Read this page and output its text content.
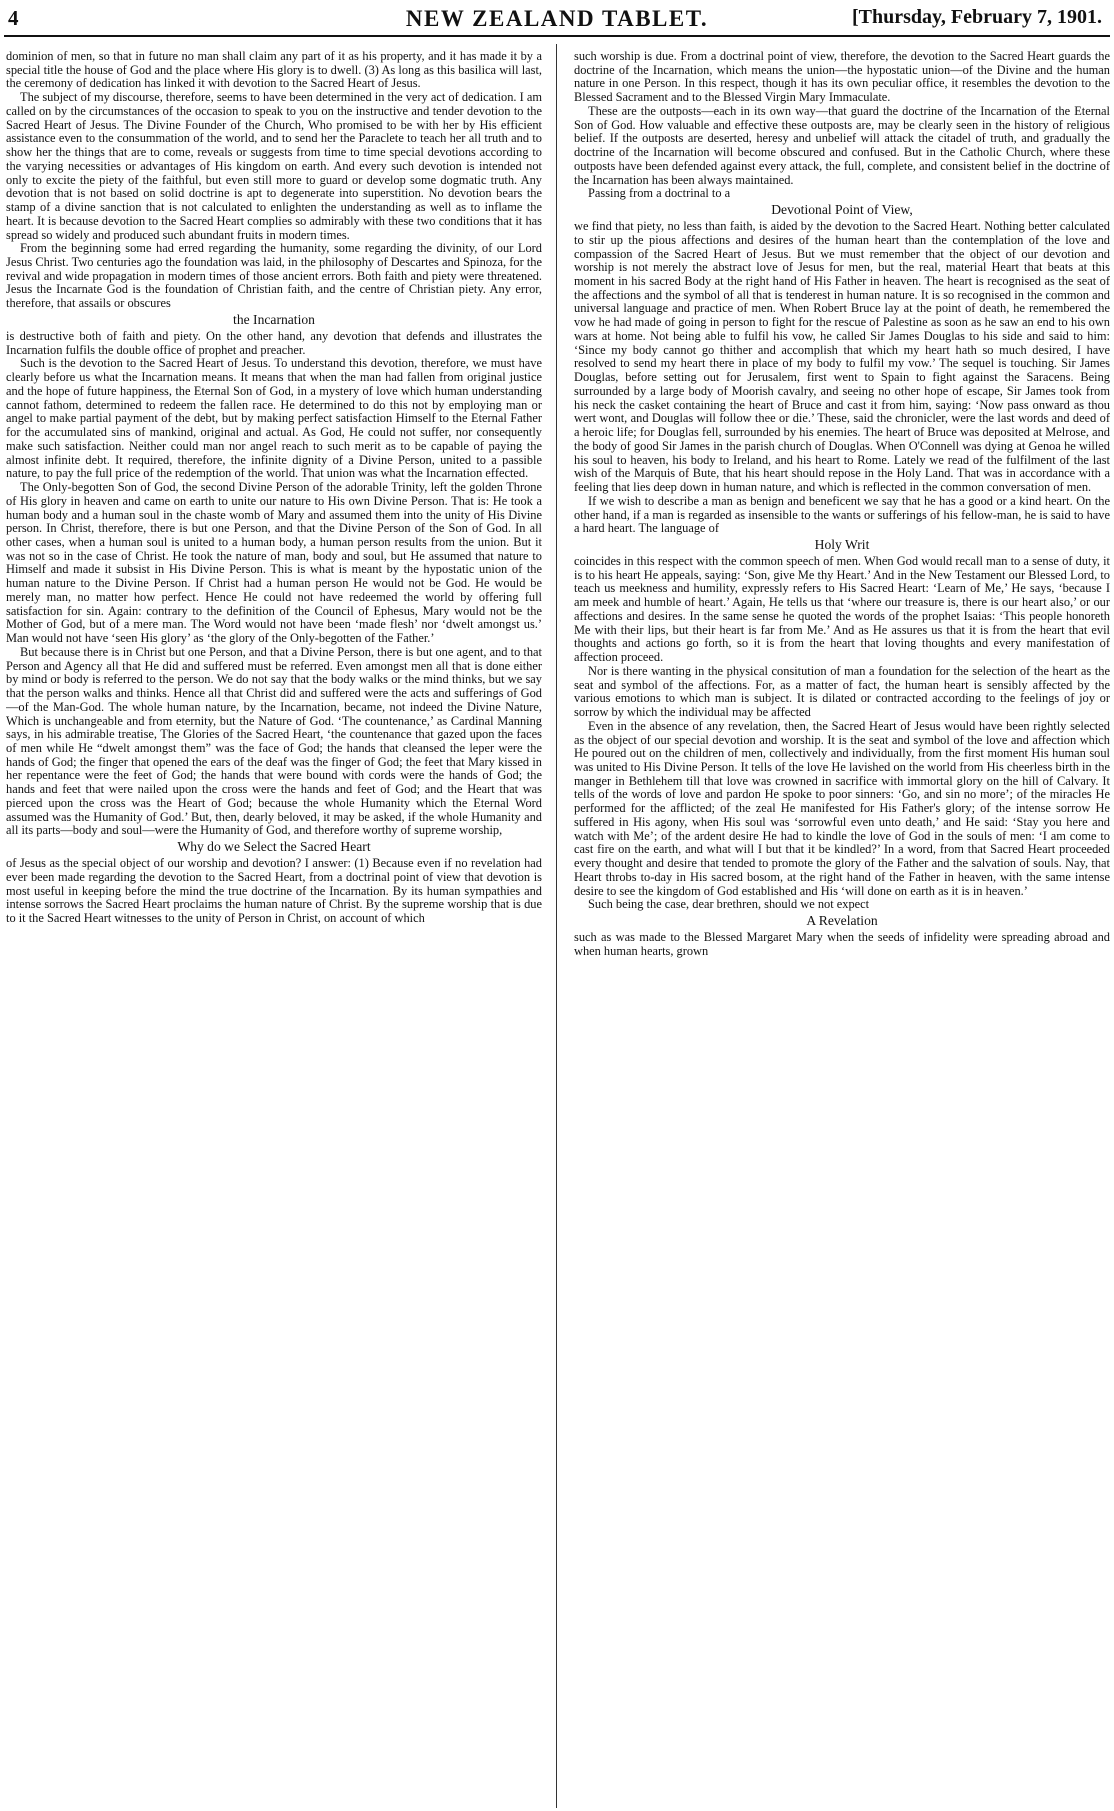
4	NEW ZEALAND TABLET.	[Thursday, February 7, 1901.

dominion of men, so that in future no man shall claim any part of it as his property, and it has made it by a special title the house of God and the place where His glory is to dwell. (3) As long as this basilica will last, the ceremony of dedication has linked it with devotion to the Sacred Heart of Jesus.

The subject of my discourse, therefore, seems to have been determined in the very act of dedication. I am called on by the circumstances of the occasion to speak to you on the instructive and tender devotion to the Sacred Heart of Jesus. The Divine Founder of the Church, Who promised to be with her by His efficient assistance even to the consummation of the world, and to send her the Paraclete to teach her all truth and to show her the things that are to come, reveals or suggests from time to time special devotions according to the varying necessities or advantages of His kingdom on earth. And every such devotion is intended not only to excite the piety of the faithful, but even still more to guard or develop some dogmatic truth. Any devotion that is not based on solid doctrine is apt to degenerate into superstition. No devotion bears the stamp of a divine sanction that is not calculated to enlighten the understanding as well as to inflame the heart. It is because devotion to the Sacred Heart complies so admirably with these two conditions that it has spread so widely and produced such abundant fruits in modern times.

From the beginning some had erred regarding the humanity, some regarding the divinity, of our Lord Jesus Christ. Two centuries ago the foundation was laid, in the philosophy of Descartes and Spinoza, for the revival and wide propagation in modern times of those ancient errors. Both faith and piety were threatened. Jesus the Incarnate God is the foundation of Christian faith, and the centre of Christian piety. Any error, therefore, that assails or obscures

the Incarnation

is destructive both of faith and piety. On the other hand, any devotion that defends and illustrates the Incarnation fulfils the double office of prophet and preacher.

Such is the devotion to the Sacred Heart of Jesus. To understand this devotion, therefore, we must have clearly before us what the Incarnation means. It means that when the man had fallen from original justice and the hope of future happiness, the Eternal Son of God, in a mystery of love which human understanding cannot fathom, determined to redeem the fallen race. He determined to do this not by employing man or angel to make partial payment of the debt, but by making perfect satisfaction Himself to the Eternal Father for the accumulated sins of mankind, original and actual. As God, He could not suffer, nor consequently make such satisfaction. Neither could man nor angel reach to such merit as to be capable of paying the almost infinite debt. It required, therefore, the infinite dignity of a Divine Person, united to a passible nature, to pay the full price of the redemption of the world. That union was what the Incarnation effected.

The Only-begotten Son of God, the second Divine Person of the adorable Trinity, left the golden Throne of His glory in heaven and came on earth to unite our nature to His own Divine Person. That is: He took a human body and a human soul in the chaste womb of Mary and assumed them into the unity of His Divine person. In Christ, therefore, there is but one Person, and that the Divine Person of the Son of God. In all other cases, when a human soul is united to a human body, a human person results from the union. But it was not so in the case of Christ. He took the nature of man, body and soul, but He assumed that nature to Himself and made it subsist in His Divine Person. This is what is meant by the hypostatic union of the human nature to the Divine Person. If Christ had a human person He would not be God. He would be merely man, no matter how perfect. Hence He could not have redeemed the world by offering full satisfaction for sin. Again: contrary to the definition of the Council of Ephesus, Mary would not be the Mother of God, but of a mere man. The Word would not have been ‘made flesh’ nor ‘dwelt amongst us.’ Man would not have ‘seen His glory’ as ‘the glory of the Only-begotten of the Father.’

But because there is in Christ but one Person, and that a Divine Person, there is but one agent, and to that Person and Agency all that He did and suffered must be referred. Even amongst men all that is done either by mind or body is referred to the person. We do not say that the body walks or the mind thinks, but we say that the person walks and thinks. Hence all that Christ did and suffered were the acts and sufferings of God—of the Man-God. The whole human nature, by the Incarnation, became, not indeed the Divine Nature, Which is unchangeable and from eternity, but the Nature of God. ‘The countenance,’ as Cardinal Manning says, in his admirable treatise, The Glories of the Sacred Heart, ‘the countenance that gazed upon the faces of men while He “dwelt amongst them” was the face of God; the hands that cleansed the leper were the hands of God; the finger that opened the ears of the deaf was the finger of God; the feet that Mary kissed in her repentance were the feet of God; the hands that were bound with cords were the hands of God; the hands and feet that were nailed upon the cross were the hands and feet of God; and the Heart that was pierced upon the cross was the Heart of God; because the whole Humanity which the Eternal Word assumed was the Humanity of God.’ But, then, dearly beloved, it may be asked, if the whole Humanity and all its parts—body and soul—were the Humanity of God, and therefore worthy of supreme worship,

Why do we Select the Sacred Heart

of Jesus as the special object of our worship and devotion? I answer: (1) Because even if no revelation had ever been made regarding the devotion to the Sacred Heart, from a doctrinal point of view that devotion is most useful in keeping before the mind the true doctrine of the Incarnation. By its human sympathies and intense sorrows the Sacred Heart proclaims the human nature of Christ. By the supreme worship that is due to it the Sacred Heart witnesses to the unity of Person in Christ, on account of which

such worship is due. From a doctrinal point of view, therefore, the devotion to the Sacred Heart guards the doctrine of the Incarnation, which means the union—the hypostatic union—of the Divine and the human nature in one Person. In this respect, though it has its own peculiar office, it resembles the devotion to the Blessed Sacrament and to the Blessed Virgin Mary Immaculate.

These are the outposts—each in its own way—that guard the doctrine of the Incarnation of the Eternal Son of God. How valuable and effective these outposts are, may be clearly seen in the history of religious belief. If the outposts are deserted, heresy and unbelief will attack the citadel of truth, and gradually the doctrine of the Incarnation will become obscured and confused. But in the Catholic Church, where these outposts have been defended against every attack, the full, complete, and consistent belief in the doctrine of the Incarnation has been always maintained.

Passing from a doctrinal to a

Devotional Point of View,

we find that piety, no less than faith, is aided by the devotion to the Sacred Heart. Nothing better calculated to stir up the pious affections and desires of the human heart than the contemplation of the love and compassion of the Sacred Heart of Jesus. But we must remember that the object of our devotion and worship is not merely the abstract love of Jesus for men, but the real, material Heart that beats at this moment in his sacred Body at the right hand of His Father in heaven. The heart is recognised as the seat of the affections and the symbol of all that is tenderest in human nature. It is so recognised in the common and universal language and practice of men. When Robert Bruce lay at the point of death, he remembered the vow he had made of going in person to fight for the rescue of Palestine as soon as he saw an end to his own wars at home. Not being able to fulfil his vow, he called Sir James Douglas to his side and said to him: ‘Since my body cannot go thither and accomplish that which my heart hath so much desired, I have resolved to send my heart there in place of my body to fulfil my vow.’ The sequel is touching. Sir James Douglas, before setting out for Jerusalem, first went to Spain to fight against the Saracens. Being surrounded by a large body of Moorish cavalry, and seeing no other hope of escape, Sir James took from his neck the casket containing the heart of Bruce and cast it from him, saying: ‘Now pass onward as thou wert wont, and Douglas will follow thee or die.’ These, said the chronicler, were the last words and deed of a heroic life; for Douglas fell, surrounded by his enemies. The heart of Bruce was deposited at Melrose, and the body of good Sir James in the parish church of Douglas. When O'Connell was dying at Genoa he willed his soul to heaven, his body to Ireland, and his heart to Rome. Lately we read of the fulfilment of the last wish of the Marquis of Bute, that his heart should repose in the Holy Land. That was in accordance with a feeling that lies deep down in human nature, and which is reflected in the common conversation of men.

If we wish to describe a man as benign and beneficent we say that he has a good or a kind heart. On the other hand, if a man is regarded as insensible to the wants or sufferings of his fellow-man, he is said to have a hard heart. The language of

Holy Writ

coincides in this respect with the common speech of men. When God would recall man to a sense of duty, it is to his heart He appeals, saying: ‘Son, give Me thy Heart.’ And in the New Testament our Blessed Lord, to teach us meekness and humility, expressly refers to His Sacred Heart: ‘Learn of Me,’ He says, ‘because I am meek and humble of heart.’ Again, He tells us that ‘where our treasure is, there is our heart also,’ or our affections and desires. In the same sense he quoted the words of the prophet Isaias: ‘This people honoreth Me with their lips, but their heart is far from Me.’ And as He assures us that it is from the heart that evil thoughts and actions go forth, so it is from the heart that loving thoughts and every manifestation of affection proceed.

Nor is there wanting in the physical consitution of man a foundation for the selection of the heart as the seat and symbol of the affections. For, as a matter of fact, the human heart is sensibly affected by the various emotions to which man is subject. It is dilated or contracted according to the feelings of joy or sorrow by which the individual may be affected

Even in the absence of any revelation, then, the Sacred Heart of Jesus would have been rightly selected as the object of our special devotion and worship. It is the seat and symbol of the love and affection which He poured out on the children of men, collectively and individually, from the first moment His human soul was united to His Divine Person. It tells of the love He lavished on the world from His cheerless birth in the manger in Bethlehem till that love was crowned in sacrifice with immortal glory on the hill of Calvary. It tells of the words of love and pardon He spoke to poor sinners: ‘Go, and sin no more’; of the miracles He performed for the afflicted; of the zeal He manifested for His Father's glory; of the intense sorrow He suffered in His agony, when His soul was ‘sorrowful even unto death,’ and He said: ‘Stay you here and watch with Me’; of the ardent desire He had to kindle the love of God in the souls of men: ‘I am come to cast fire on the earth, and what will I but that it be kindled?’ In a word, from that Sacred Heart proceeded every thought and desire that tended to promote the glory of the Father and the salvation of souls. Nay, that Heart throbs to-day in His sacred bosom, at the right hand of the Father in heaven, with the same intense desire to see the kingdom of God established and His ‘will done on earth as it is in heaven.’

Such being the case, dear brethren, should we not expect

A Revelation

such as was made to the Blessed Margaret Mary when the seeds of infidelity were spreading abroad and when human hearts, grown
